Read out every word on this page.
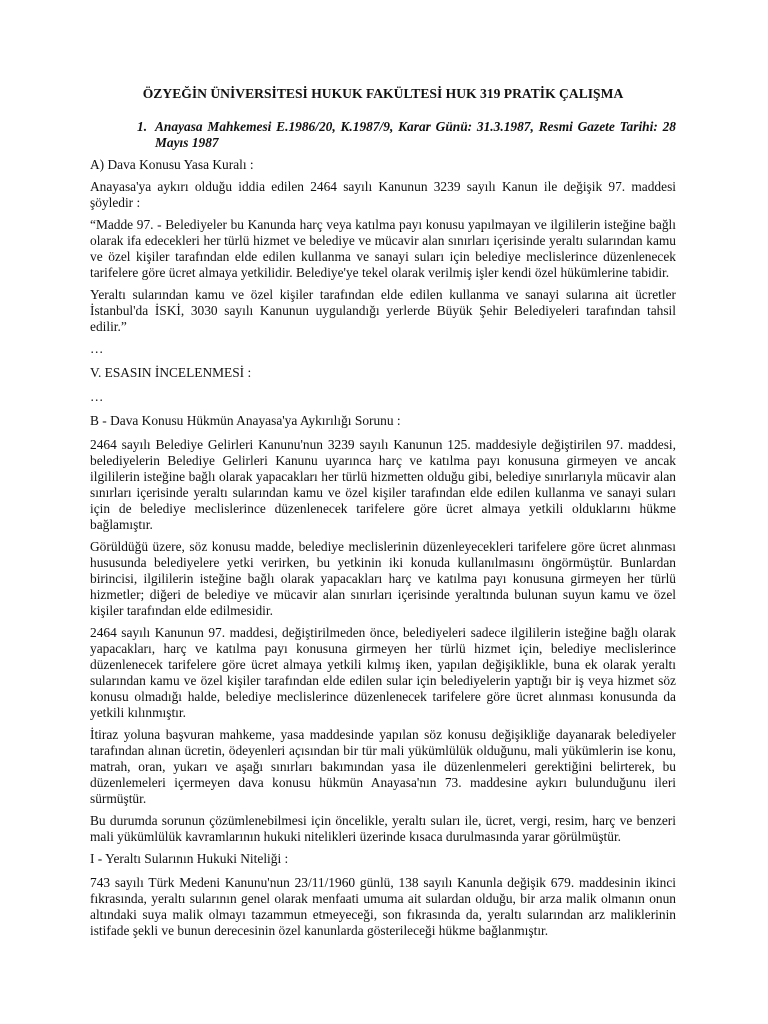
ÖZYEĞİN ÜNİVERSİTESİ HUKUK FAKÜLTESİ HUK 319 PRATİK ÇALIŞMA
1. Anayasa Mahkemesi E.1986/20, K.1987/9, Karar Günü: 31.3.1987, Resmi Gazete Tarihi: 28 Mayıs 1987

A) Dava Konusu Yasa Kuralı :

Anayasa'ya aykırı olduğu iddia edilen 2464 sayılı Kanunun 3239 sayılı Kanun ile değişik 97. maddesi şöyledir :

“Madde 97. - Belediyeler bu Kanunda harç veya katılma payı konusu yapılmayan ve ilgililerin isteğine bağlı olarak ifa edecekleri her türlü hizmet ve belediye ve mücavir alan sınırları içerisinde yeraltı sularından kamu ve özel kişiler tarafından elde edilen kullanma ve sanayi suları için belediye meclislerince düzenlenecek tarifelere göre ücret almaya yetkilidir. Belediye'ye tekel olarak verilmiş işler kendi özel hükümlerine tabidir.

Yeraltı sularından kamu ve özel kişiler tarafından elde edilen kullanma ve sanayi sularına ait ücretler İstanbul'da İSKİ, 3030 sayılı Kanunun uygulandığı yerlerde Büyük Şehir Belediyeleri tarafından tahsil edilir.”

…

V. ESASIN İNCELENMESİ :

…

B - Dava Konusu Hükmün Anayasa'ya Aykırılığı Sorunu :

2464 sayılı Belediye Gelirleri Kanunu'nun 3239 sayılı Kanunun 125. maddesiyle değiştirilen 97. maddesi, belediyelerin Belediye Gelirleri Kanunu uyarınca harç ve katılma payı konusuna girmeyen ve ancak ilgililerin isteğine bağlı olarak yapacakları her türlü hizmetten olduğu gibi, belediye sınırlarıyla mücavir alan sınırları içerisinde yeraltı sularından kamu ve özel kişiler tarafından elde edilen kullanma ve sanayi suları için de belediye meclislerince düzenlenecek tarifelere göre ücret almaya yetkili olduklarını hükme bağlamıştır.

Görüldüğü üzere, söz konusu madde, belediye meclislerinin düzenleyecekleri tarifelere göre ücret alınması hususunda belediyelere yetki verirken, bu yetkinin iki konuda kullanılmasını öngörmüştür. Bunlardan birincisi, ilgililerin isteğine bağlı olarak yapacakları harç ve katılma payı konusuna girmeyen her türlü hizmetler; diğeri de belediye ve mücavir alan sınırları içerisinde yeraltında bulunan suyun kamu ve özel kişiler tarafından elde edilmesidir.

2464 sayılı Kanunun 97. maddesi, değiştirilmeden önce, belediyeleri sadece ilgililerin isteğine bağlı olarak yapacakları, harç ve katılma payı konusuna girmeyen her türlü hizmet için, belediye meclislerince düzenlenecek tarifelere göre ücret almaya yetkili kılmış iken, yapılan değişiklikle, buna ek olarak yeraltı sularından kamu ve özel kişiler tarafından elde edilen sular için belediyelerin yaptığı bir iş veya hizmet söz konusu olmadığı halde, belediye meclislerince düzenlenecek tarifelere göre ücret alınması konusunda da yetkili kılınmıştır.

İtiraz yoluna başvuran mahkeme, yasa maddesinde yapılan söz konusu değişikliğe dayanarak belediyeler tarafından alınan ücretin, ödeyenleri açısından bir tür mali yükümlülük olduğunu, mali yükümlerin ise konu, matrah, oran, yukarı ve aşağı sınırları bakımından yasa ile düzenlenmeleri gerektiğini belirterek, bu düzenlemeleri içermeyen dava konusu hükmün Anayasa'nın 73. maddesine aykırı bulunduğunu ileri sürmüştür.

Bu durumda sorunun çözümlenebilmesi için öncelikle, yeraltı suları ile, ücret, vergi, resim, harç ve benzeri mali yükümlülük kavramlarının hukuki nitelikleri üzerinde kısaca durulmasında yarar görülmüştür.

I - Yeraltı Sularının Hukuki Niteliği :

743 sayılı Türk Medeni Kanunu'nun 23/11/1960 günlü, 138 sayılı Kanunla değişik 679. maddesinin ikinci fıkrasında, yeraltı sularının genel olarak menfaati umuma ait sulardan olduğu, bir arza malik olmanın onun altındaki suya malik olmayı tazammun etmeyeceği, son fıkrasında da, yeraltı sularından arz maliklerinin istifade şekli ve bunun derecesinin özel kanunlarda gösterileceği hükme bağlanmıştır.
